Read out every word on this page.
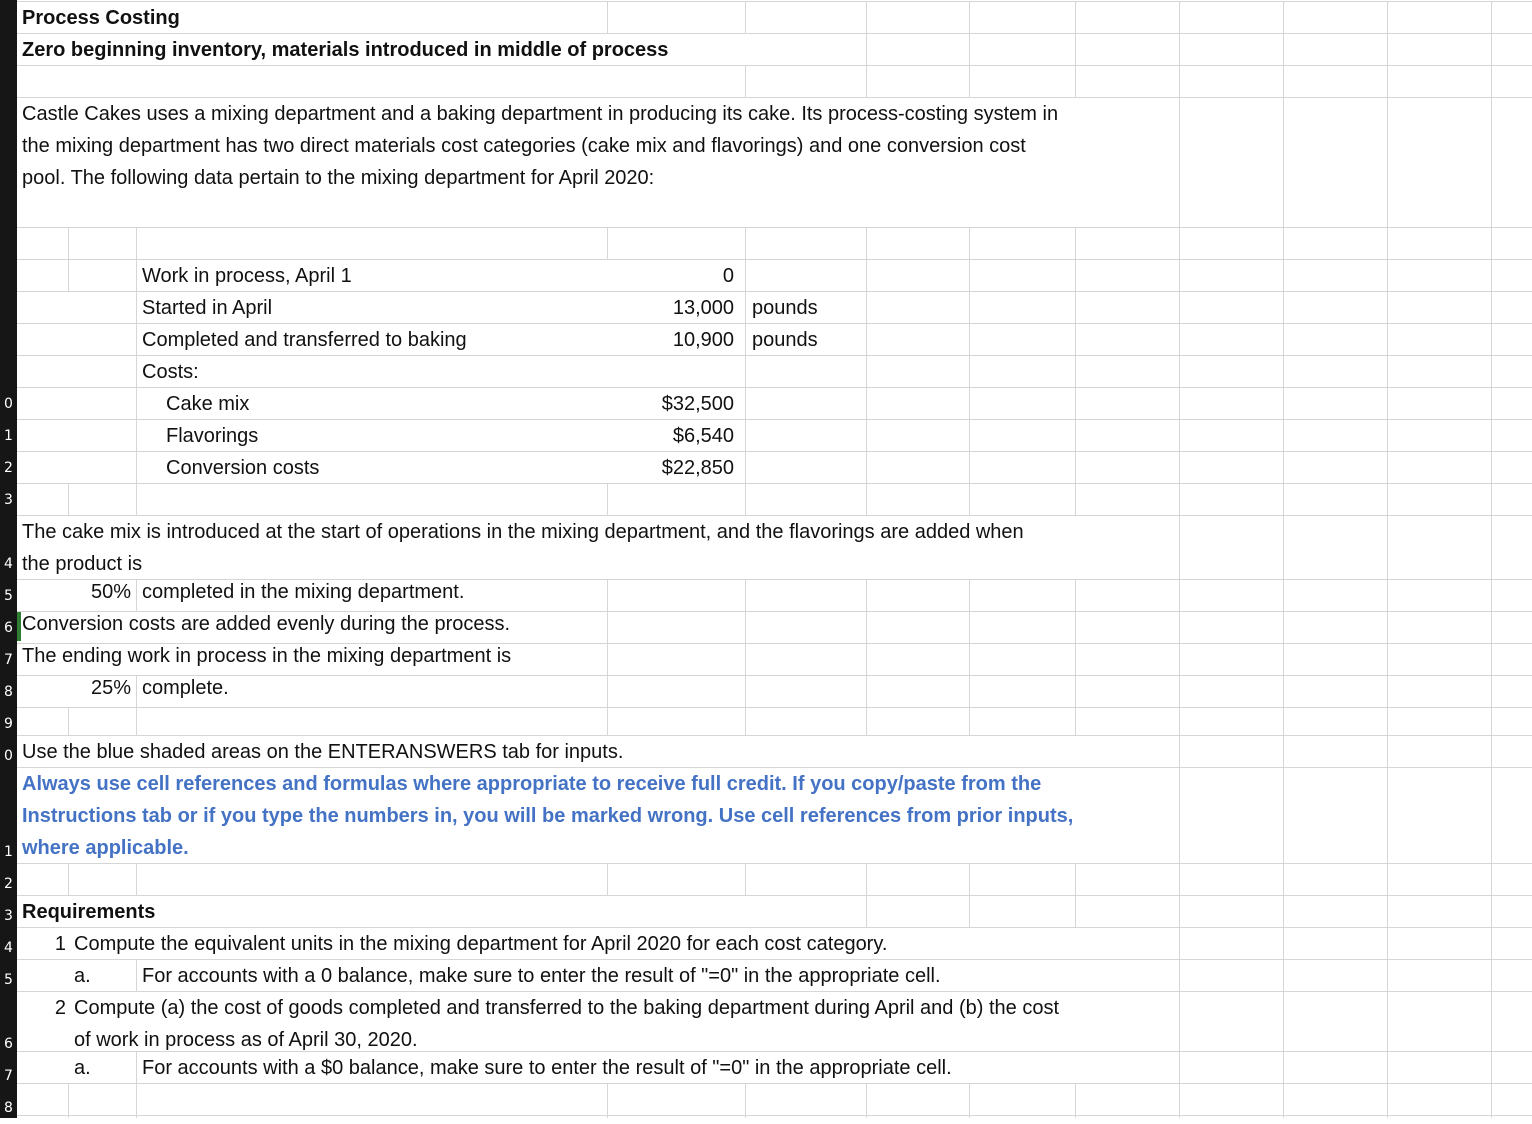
0
1
2
3
4
5
6
7
8
9
0
1
2
3
4
5
6
7
8
Process Costing
Zero beginning inventory, materials introduced in middle of process
Castle Cakes uses a mixing department and a baking department in producing its cake. Its process-costing system in
the mixing department has two direct materials cost categories (cake mix and flavorings) and one conversion cost
pool. The following data pertain to the mixing department for April 2020:
Work in process, April 1	0
Started in April	13,000 pounds
Completed and transferred to baking	10,900 pounds
Costs:
Cake mix	$32,500
Flavorings	$6,540
Conversion costs	$22,850
The cake mix is introduced at the start of operations in the mixing department, and the flavorings are added when
the product is
50% completed in the mixing department.
Conversion costs are added evenly during the process.
The ending work in process in the mixing department is
25% complete.
Use the blue shaded areas on the ENTERANSWERS tab for inputs.
Always use cell references and formulas where appropriate to receive full credit. If you copy/paste from the
Instructions tab or if you type the numbers in, you will be marked wrong. Use cell references from prior inputs,
where applicable.
Requirements
1 Compute the equivalent units in the mixing department for April 2020 for each cost category.
a.	For accounts with a 0 balance, make sure to enter the result of "=0" in the appropriate cell.
2 Compute (a) the cost of goods completed and transferred to the baking department during April and (b) the cost
of work in process as of April 30, 2020.
a.	For accounts with a $0 balance, make sure to enter the result of "=0" in the appropriate cell.
